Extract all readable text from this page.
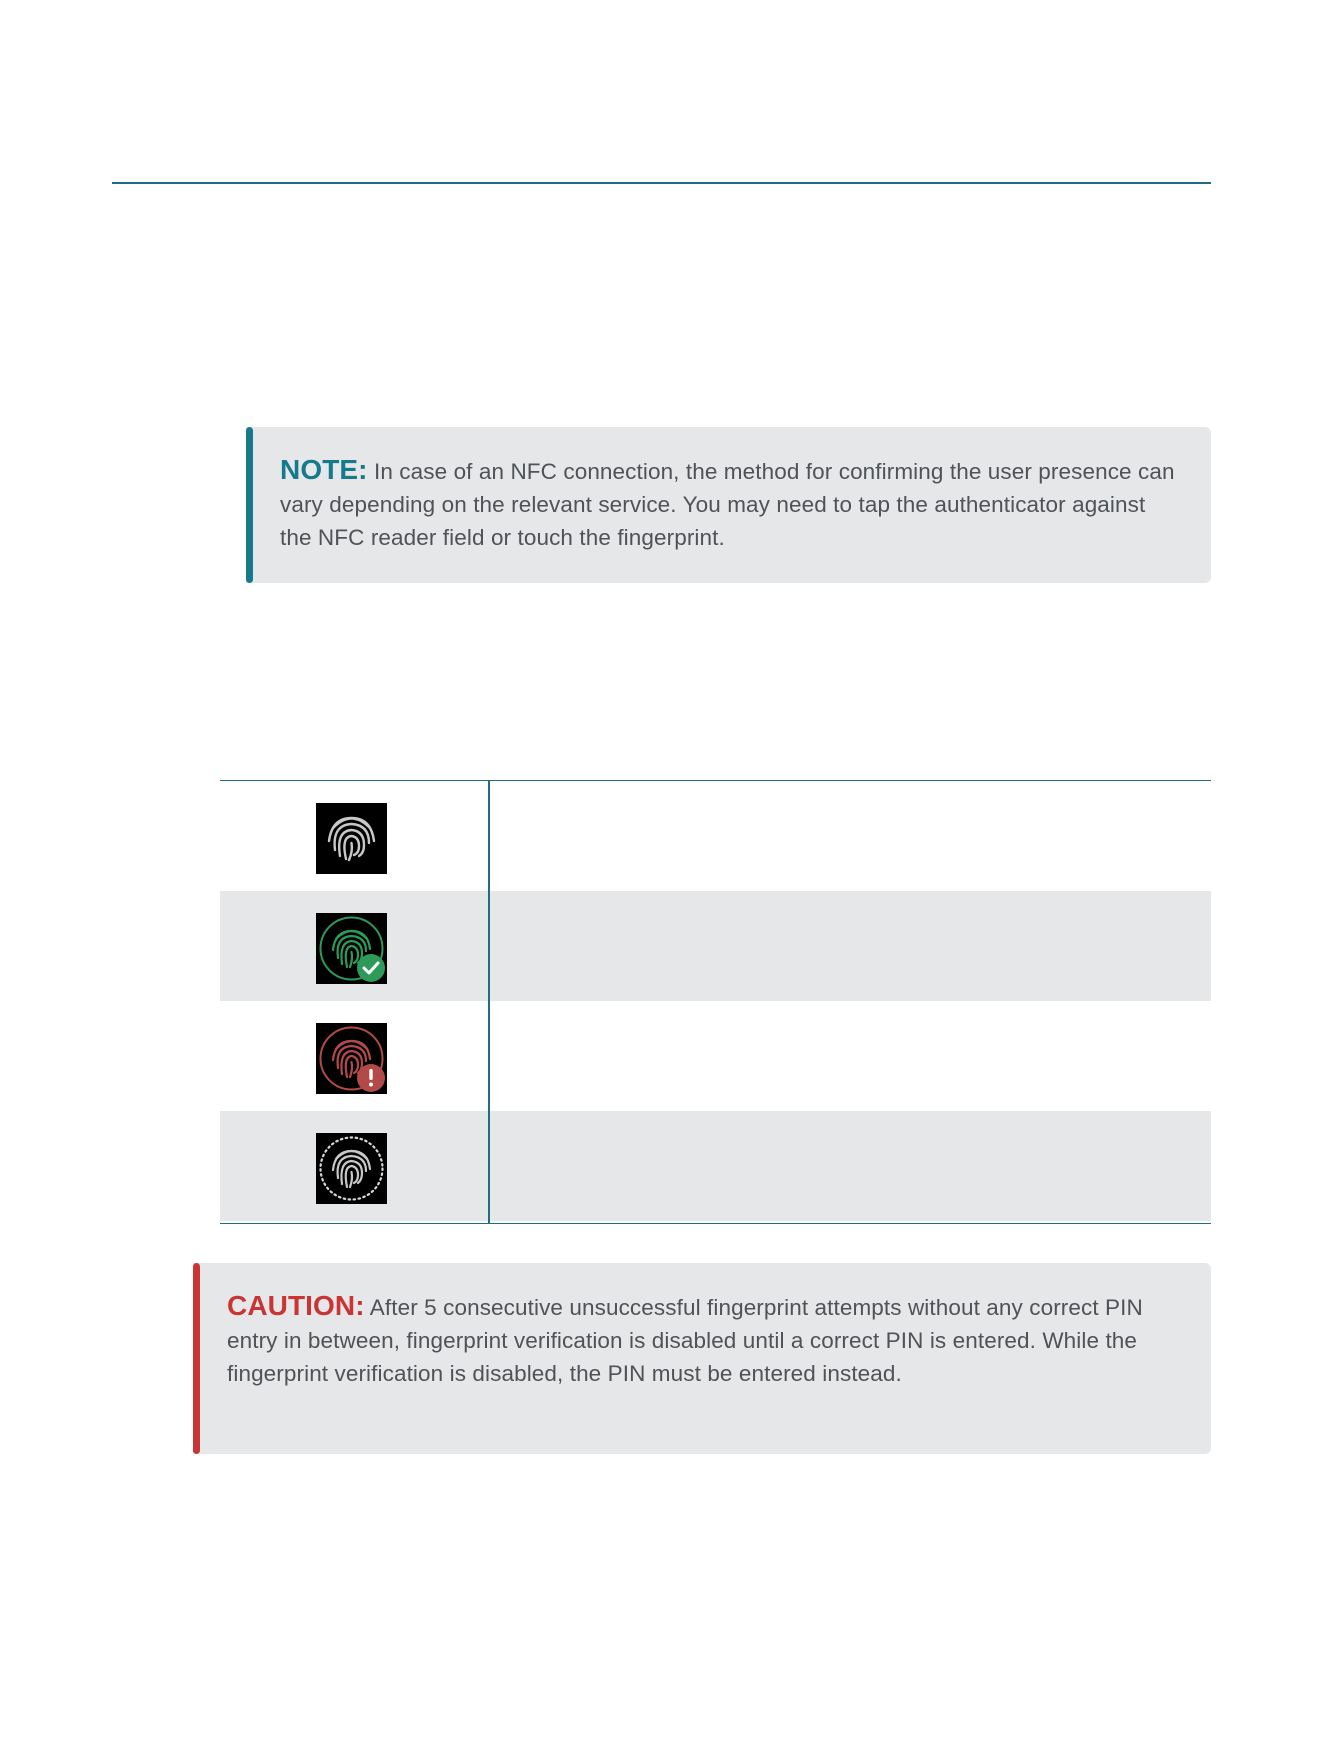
NOTE: In case of an NFC connection, the method for confirming the user presence can vary depending on the relevant service. You may need to tap the authenticator against the NFC reader field or touch the fingerprint.

CAUTION: After 5 consecutive unsuccessful fingerprint attempts without any correct PIN entry in between, fingerprint verification is disabled until a correct PIN is entered. While the fingerprint verification is disabled, the PIN must be entered instead.
